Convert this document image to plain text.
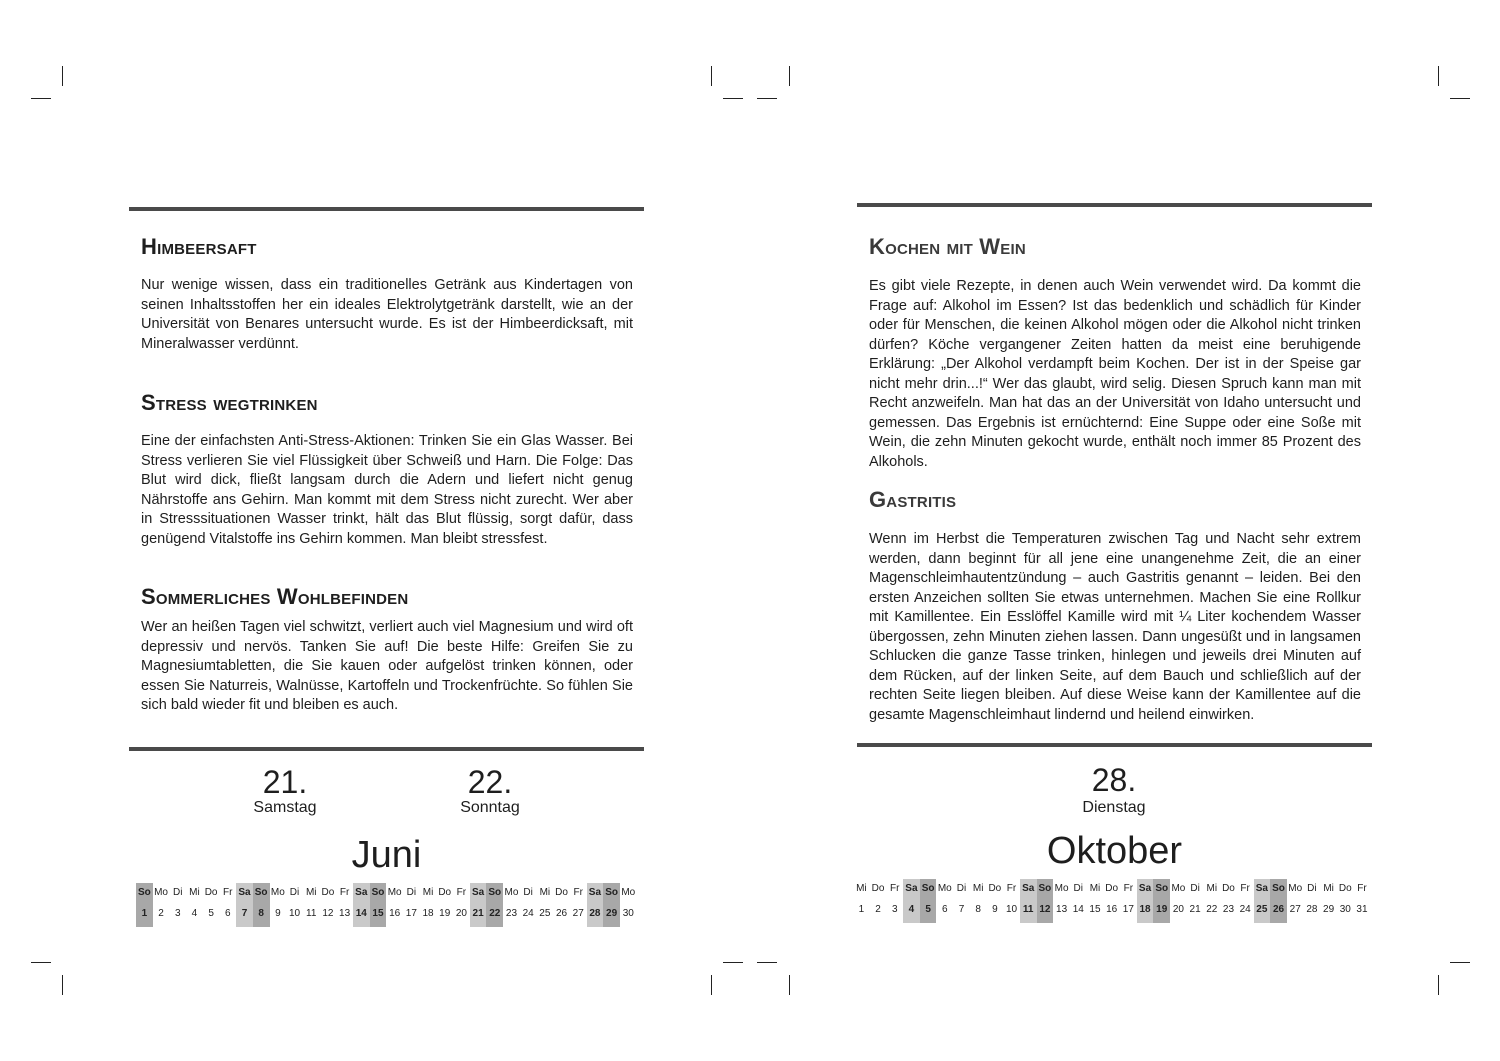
Himbeersaft

Nur wenige wissen, dass ein traditionelles Getränk aus Kindertagen von seinen Inhaltsstoffen her ein ideales Elektrolytgetränk darstellt, wie an der Universität von Benares untersucht wurde. Es ist der Himbeerdicksaft, mit Mineralwasser verdünnt.

Stress wegtrinken

Eine der einfachsten Anti-Stress-Aktionen: Trinken Sie ein Glas Wasser. Bei Stress verlieren Sie viel Flüssigkeit über Schweiß und Harn. Die Folge: Das Blut wird dick, fließt langsam durch die Adern und liefert nicht genug Nährstoffe ans Gehirn. Man kommt mit dem Stress nicht zurecht. Wer aber in Stresssituationen Wasser trinkt, hält das Blut flüssig, sorgt dafür, dass genügend Vitalstoffe ins Gehirn kommen. Man bleibt stressfest.

Sommerliches Wohlbefinden

Wer an heißen Tagen viel schwitzt, verliert auch viel Magnesium und wird oft depressiv und nervös. Tanken Sie auf! Die beste Hilfe: Greifen Sie zu Magnesiumtabletten, die Sie kauen oder aufgelöst trinken können, oder essen Sie Naturreis, Walnüsse, Kartoffeln und Trockenfrüchte. So fühlen Sie sich bald wieder fit und bleiben es auch.

21.
Samstag
22.
Sonntag
Juni
So
1
Mo
2
Di
3
Mi
4
Do
5
Fr
6
Sa
7
So
8
Mo
9
Di
10
Mi
11
Do
12
Fr
13
Sa
14
So
15
Mo
16
Di
17
Mi
18
Do
19
Fr
20
Sa
21
So
22
Mo
23
Di
24
Mi
25
Do
26
Fr
27
Sa
28
So
29
Mo
30
Kochen mit Wein

Es gibt viele Rezepte, in denen auch Wein verwendet wird. Da kommt die Frage auf: Alkohol im Essen? Ist das bedenklich und schädlich für Kinder oder für Menschen, die keinen Alkohol mögen oder die Alkohol nicht trinken dürfen? Köche vergangener Zeiten hatten da meist eine beruhigende Erklärung: „Der Alkohol verdampft beim Kochen. Der ist in der Speise gar nicht mehr drin...!“ Wer das glaubt, wird selig. Diesen Spruch kann man mit Recht anzweifeln. Man hat das an der Universität von Idaho untersucht und gemessen. Das Ergebnis ist ernüchternd: Eine Suppe oder eine Soße mit Wein, die zehn Minuten gekocht wurde, enthält noch immer 85 Prozent des Alkohols.

Gastritis

Wenn im Herbst die Temperaturen zwischen Tag und Nacht sehr extrem werden, dann beginnt für all jene eine unangenehme Zeit, die an einer Magenschleimhautentzündung – auch Gastritis genannt – leiden. Bei den ersten Anzeichen sollten Sie etwas unternehmen. Machen Sie eine Rollkur mit Kamillentee. Ein Esslöffel Kamille wird mit ¼ Liter kochendem Wasser übergossen, zehn Minuten ziehen lassen. Dann ungesüßt und in langsamen Schlucken die ganze Tasse trinken, hinlegen und jeweils drei Minuten auf dem Rücken, auf der linken Seite, auf dem Bauch und schließlich auf der rechten Seite liegen bleiben. Auf diese Weise kann der Kamillentee auf die gesamte Magenschleimhaut lindernd und heilend einwirken.

28.
Dienstag
Oktober
Mi
1
Do
2
Fr
3
Sa
4
So
5
Mo
6
Di
7
Mi
8
Do
9
Fr
10
Sa
11
So
12
Mo
13
Di
14
Mi
15
Do
16
Fr
17
Sa
18
So
19
Mo
20
Di
21
Mi
22
Do
23
Fr
24
Sa
25
So
26
Mo
27
Di
28
Mi
29
Do
30
Fr
31
